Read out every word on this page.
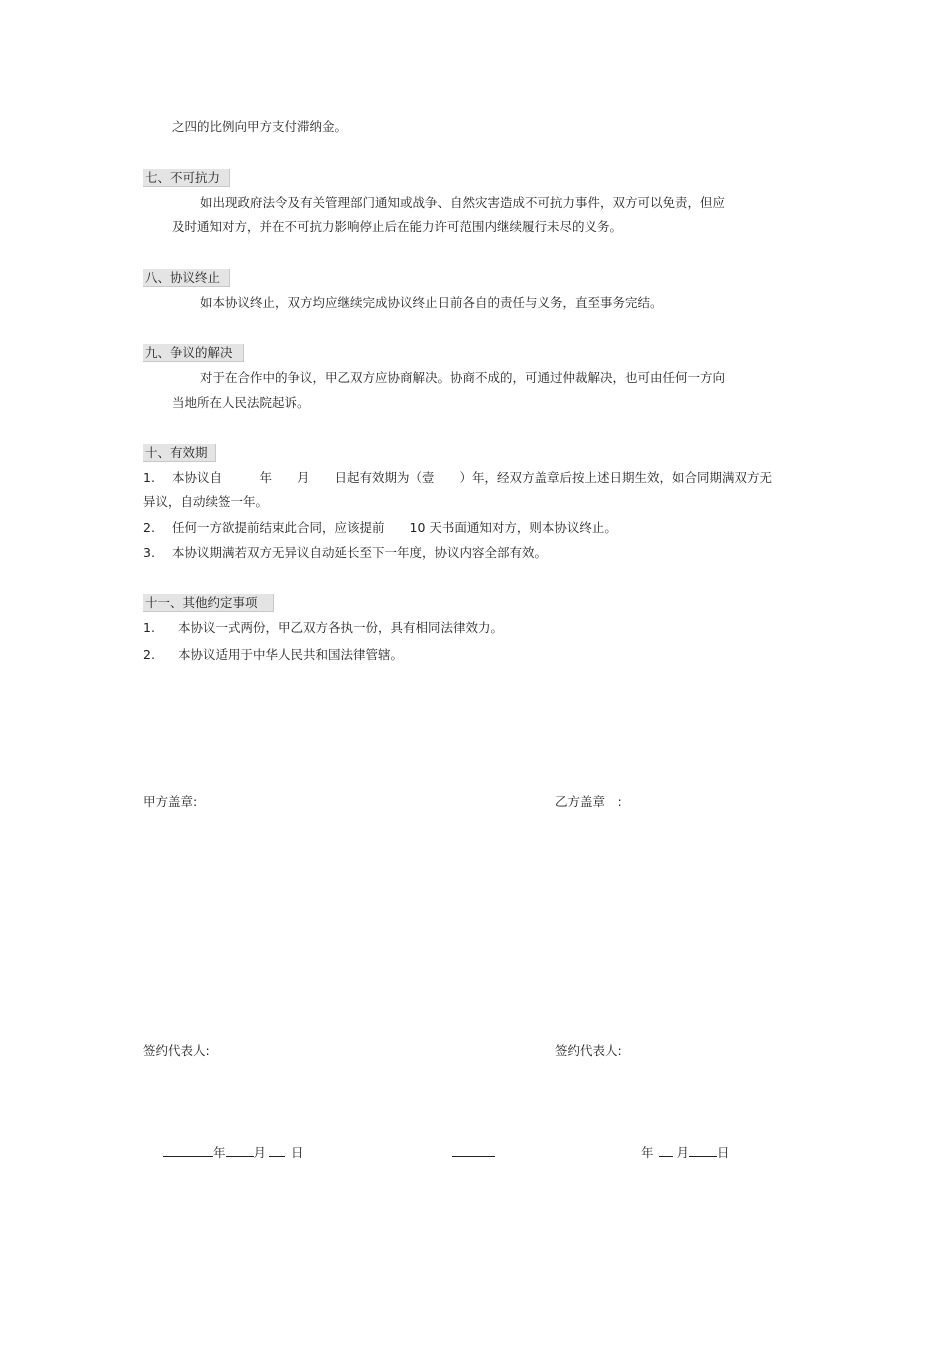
之四的比例向甲方支付滞纳金。
七、不可抗力
如出现政府法令及有关管理部门通知或战争、自然灾害造成不可抗力事件，双方可以免责，但应
及时通知对方，并在不可抗力影响停止后在能力许可范围内继续履行未尽的义务。
八、协议终止
如本协议终止，双方均应继续完成协议终止日前各自的责任与义务，直至事务完结。
九、争议的解决
对于在合作中的争议，甲乙双方应协商解决。协商不成的，可通过仲裁解决，也可由任何一方向
当地所在人民法院起诉。
十、有效期
1. 本协议自　　　年　　月　　日起有效期为（壹　　）年，经双方盖章后按上述日期生效，如合同期满双方无
异议，自动续签一年。
2. 任何一方欲提前结束此合同，应该提前　　10 天书面通知对方，则本协议终止。
3. 本协议期满若双方无异议自动延长至下一年度，协议内容全部有效。
十一、其他约定事项
1. 本协议一式两份，甲乙双方各执一份，具有相同法律效力。
2. 本协议适用于中华人民共和国法律管辖。
甲方盖章:	乙方盖章　:
签约代表人:	签约代表人:
年 月 日	年 月 日
